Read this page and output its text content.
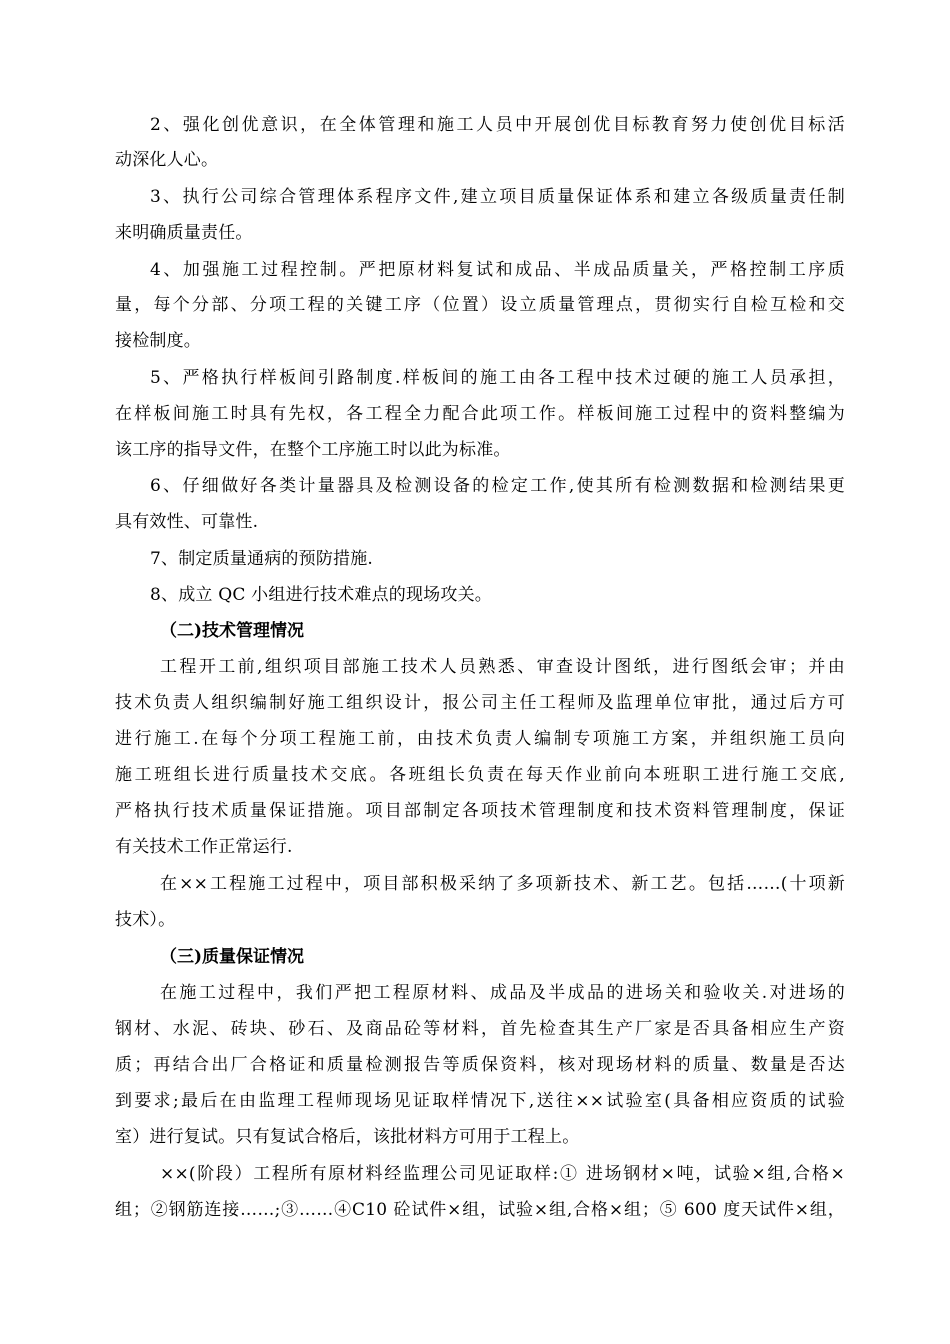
2、强化创优意识，在全体管理和施工人员中开展创优目标教育努力使创优目标活
动深化人心。
3、执行公司综合管理体系程序文件,建立项目质量保证体系和建立各级质量责任制
来明确质量责任。
4、加强施工过程控制。严把原材料复试和成品、半成品质量关，严格控制工序质
量，每个分部、分项工程的关键工序（位置）设立质量管理点，贯彻实行自检互检和交
接检制度。
5、严格执行样板间引路制度.样板间的施工由各工程中技术过硬的施工人员承担，
在样板间施工时具有先权，各工程全力配合此项工作。样板间施工过程中的资料整编为
该工序的指导文件，在整个工序施工时以此为标准。
6、仔细做好各类计量器具及检测设备的检定工作,使其所有检测数据和检测结果更
具有效性、可靠性.
7、制定质量通病的预防措施.
8、成立 QC 小组进行技术难点的现场攻关。
（二)技术管理情况
工程开工前,组织项目部施工技术人员熟悉、审查设计图纸，进行图纸会审；并由
技术负责人组织编制好施工组织设计，报公司主任工程师及监理单位审批，通过后方可
进行施工.在每个分项工程施工前，由技术负责人编制专项施工方案，并组织施工员向
施工班组长进行质量技术交底。各班组长负责在每天作业前向本班职工进行施工交底,
严格执行技术质量保证措施。项目部制定各项技术管理制度和技术资料管理制度，保证
有关技术工作正常运行.
在××工程施工过程中，项目部积极采纳了多项新技术、新工艺。包括……(十项新
技术）。
（三)质量保证情况
在施工过程中，我们严把工程原材料、成品及半成品的进场关和验收关.对进场的
钢材、水泥、砖块、砂石、及商品砼等材料，首先检查其生产厂家是否具备相应生产资
质；再结合出厂合格证和质量检测报告等质保资料，核对现场材料的质量、数量是否达
到要求;最后在由监理工程师现场见证取样情况下,送往××试验室(具备相应资质的试验
室）进行复试。只有复试合格后，该批材料方可用于工程上。
××(阶段）工程所有原材料经监理公司见证取样:① 进场钢材×吨，试验×组,合格×
组；②钢筋连接……;③……④C10 砼试件×组，试验×组,合格×组；⑤ 600 度天试件×组，
